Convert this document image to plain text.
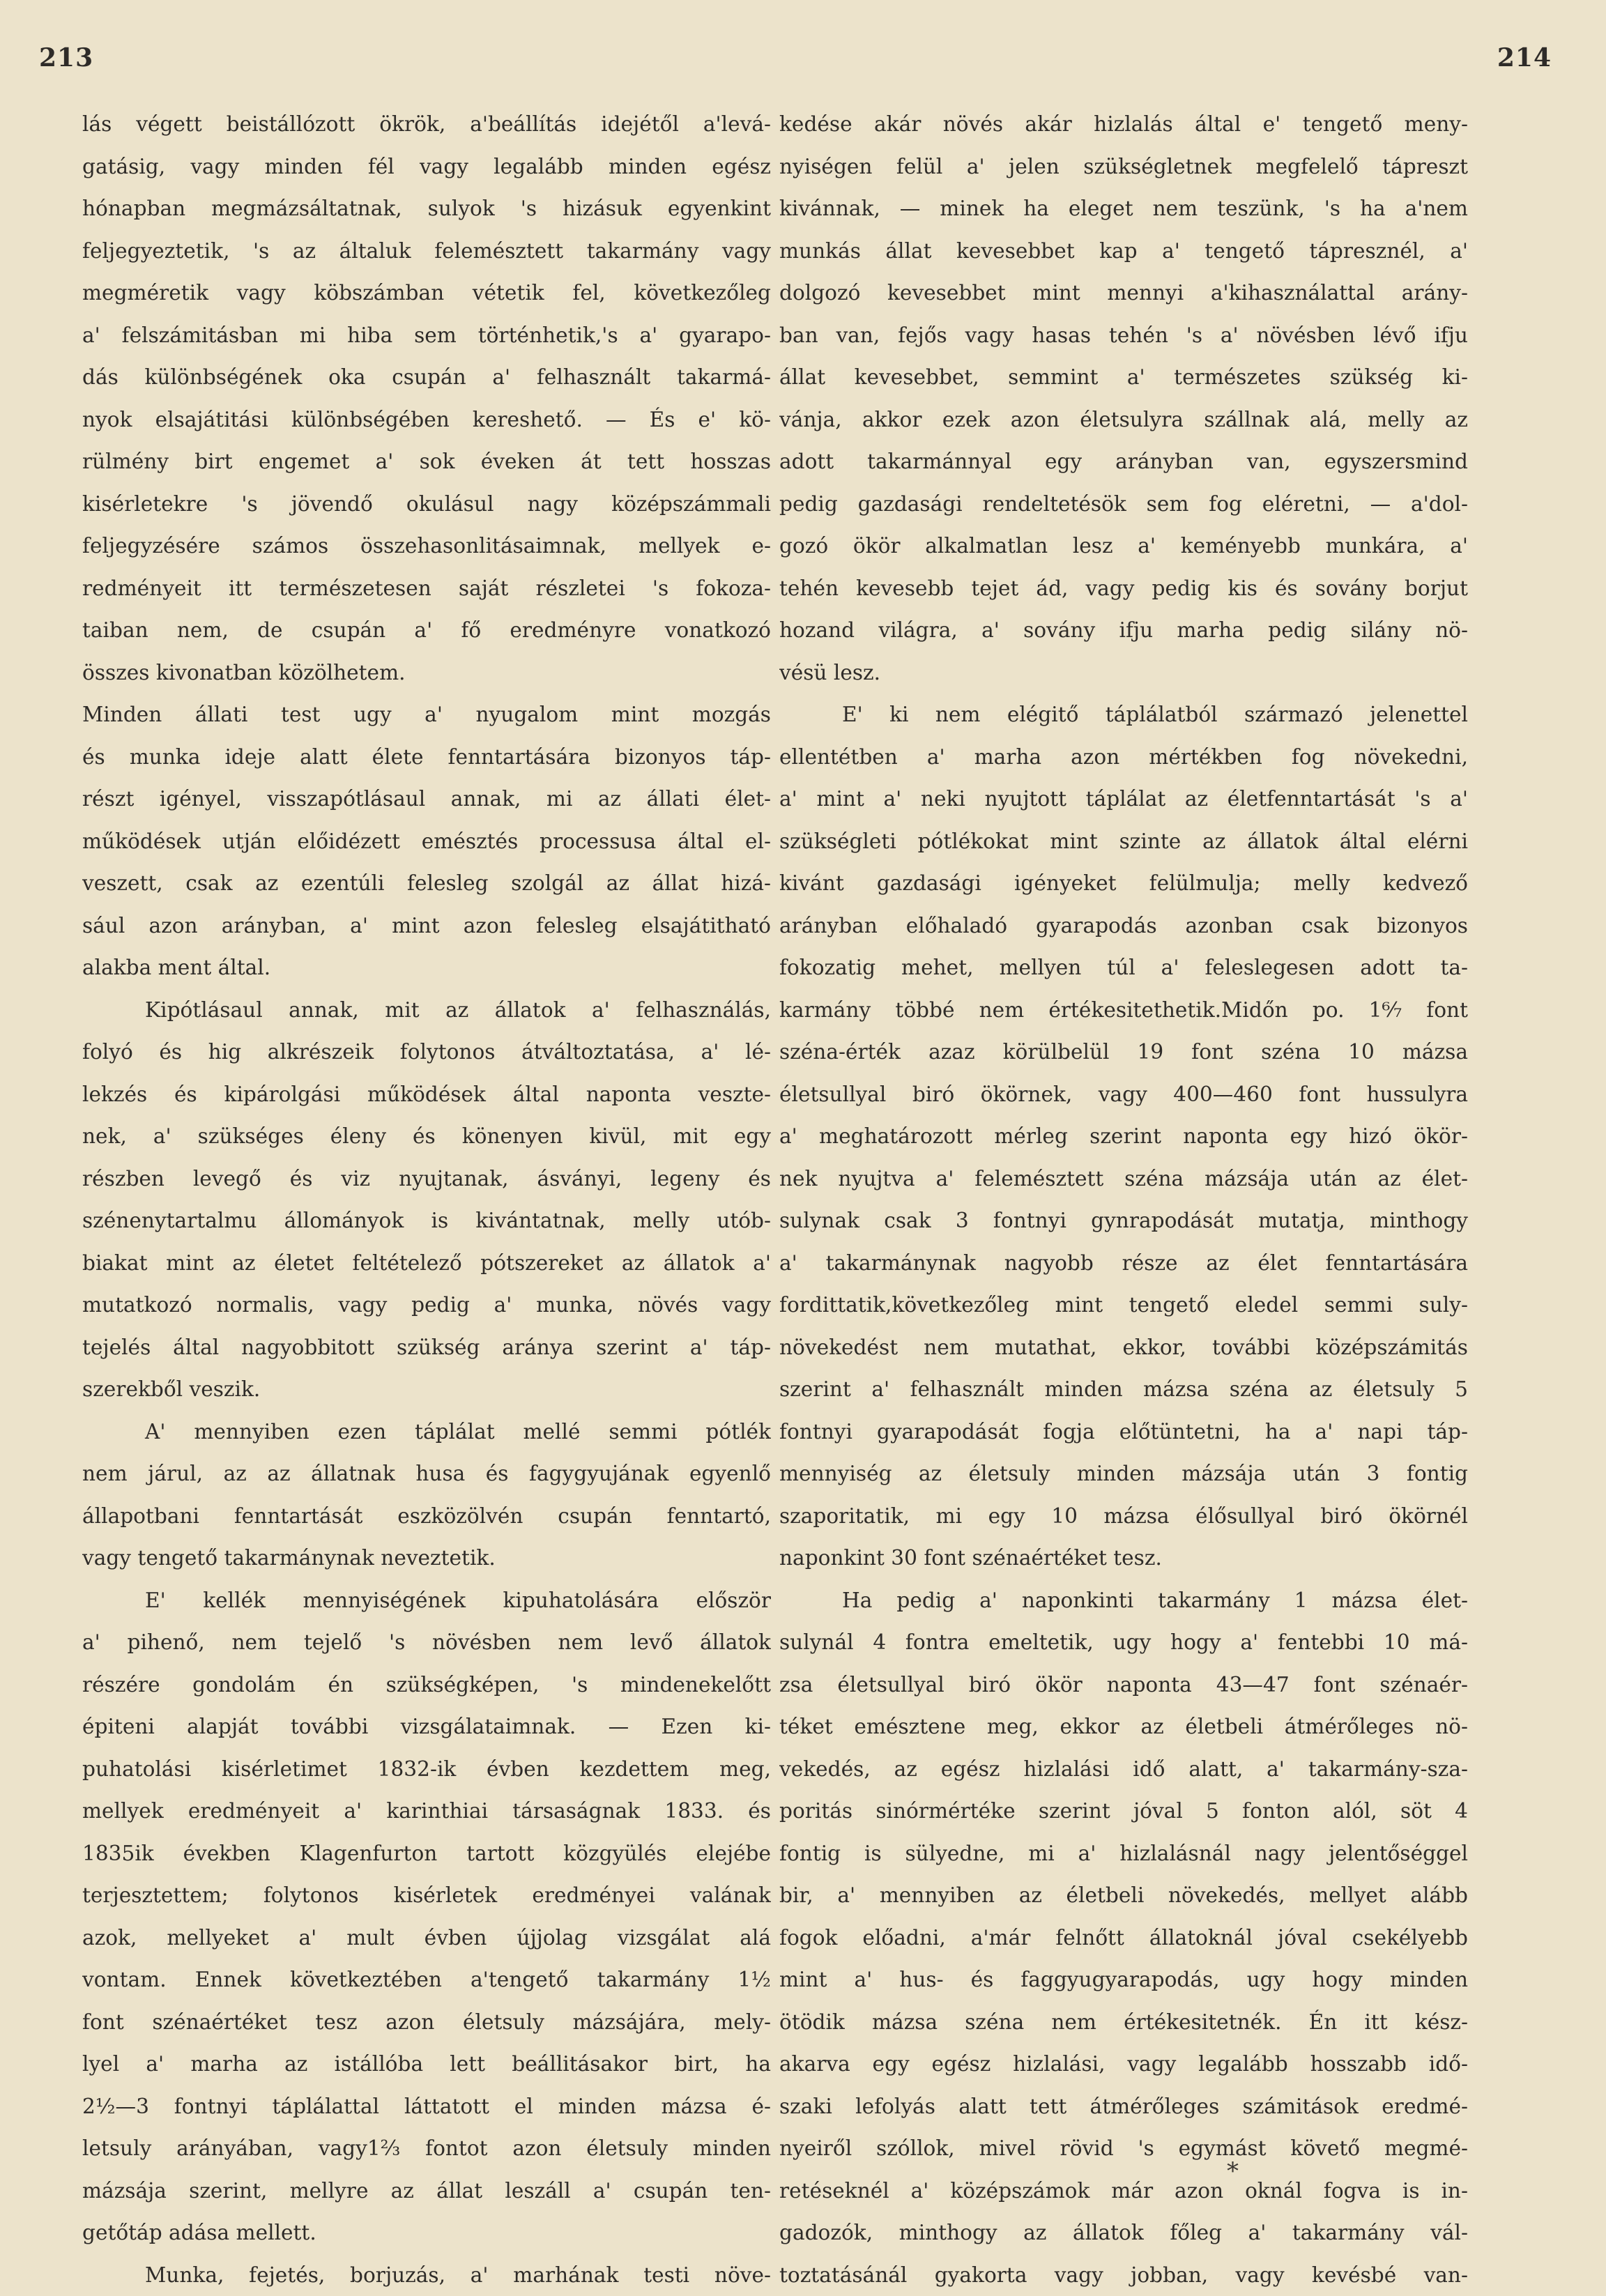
213	214
lás végett beistállózott ökrök, a'beállítás idejétől a'levá-
gatásig, vagy minden fél vagy legalább minden egész
hónapban megmázsáltatnak, sulyok 's hizásuk egyenkint
feljegyeztetik, 's az általuk felemésztett takarmány vagy
megméretik vagy köbszámban vétetik fel, következőleg
a' felszámitásban mi hiba sem történhetik,'s a' gyarapo-
dás különbségének oka csupán a' felhasznált takarmá-
nyok elsajátitási különbségében kereshető. — És e' kö-
rülmény birt engemet a' sok éveken át tett hosszas
kisérletekre 's jövendő okulásul nagy középszámmali
feljegyzésére számos összehasonlitásaimnak, mellyek e-
redményeit itt természetesen saját részletei 's fokoza-
taiban nem, de csupán a' fő eredményre vonatkozó
összes kivonatban közölhetem.
Minden állati test ugy a' nyugalom mint mozgás
és munka ideje alatt élete fenntartására bizonyos táp-
részt igényel, visszapótlásaul annak, mi az állati élet-
működések utján előidézett emésztés processusa által el-
veszett, csak az ezentúli felesleg szolgál az állat hizá-
sául azon arányban, a' mint azon felesleg elsajátitható
alakba ment által.
Kipótlásaul annak, mit az állatok a' felhasználás,
folyó és hig alkrészeik folytonos átváltoztatása, a' lé-
lekzés és kipárolgási működések által naponta veszte-
nek, a' szükséges éleny és könenyen kivül, mit egy
részben levegő és viz nyujtanak, ásványi, legeny és
szénenytartalmu állományok is kivántatnak, melly utób-
biakat mint az életet feltételező pótszereket az állatok a'
mutatkozó normalis, vagy pedig a' munka, növés vagy
tejelés által nagyobbitott szükség aránya szerint a' táp-
szerekből veszik.
A' mennyiben ezen táplálat mellé semmi pótlék
nem járul, az az állatnak husa és fagygyujának egyenlő
állapotbani fenntartását eszközölvén csupán fenntartó,
vagy tengető takarmánynak neveztetik.
E' kellék mennyiségének kipuhatolására először
a' pihenő, nem tejelő 's növésben nem levő állatok
részére gondolám én szükségképen, 's mindenekelőtt
épiteni alapját további vizsgálataimnak. — Ezen ki-
puhatolási kisérletimet 1832-ik évben kezdettem meg,
mellyek eredményeit a' karinthiai társaságnak 1833. és
1835ik években Klagenfurton tartott közgyülés elejébe
terjesztettem; folytonos kisérletek eredményei valának
azok, mellyeket a' mult évben újjolag vizsgálat alá
vontam. Ennek következtében a'tengető takarmány 1½
font szénaértéket tesz azon életsuly mázsájára, mely-
lyel a' marha az istállóba lett beállitásakor birt, ha
2½—3 fontnyi táplálattal láttatott el minden mázsa é-
letsuly arányában, vagy1⅔ fontot azon életsuly minden
mázsája szerint, mellyre az állat leszáll a' csupán ten-
getőtáp adása mellett.
Munka, fejetés, borjuzás, a' marhának testi növe-
kedése akár növés akár hizlalás által e' tengető meny-
nyiségen felül a' jelen szükségletnek megfelelő tápreszt
kivánnak, — minek ha eleget nem teszünk, 's ha a'nem
munkás állat kevesebbet kap a' tengető tápresznél, a'
dolgozó kevesebbet mint mennyi a'kihasználattal arány-
ban van, fejős vagy hasas tehén 's a' növésben lévő ifju
állat kevesebbet, semmint a' természetes szükség ki-
vánja, akkor ezek azon életsulyra szállnak alá, melly az
adott takarmánnyal egy arányban van, egyszersmind
pedig gazdasági rendeltetésök sem fog eléretni, — a'dol-
gozó ökör alkalmatlan lesz a' keményebb munkára, a'
tehén kevesebb tejet ád, vagy pedig kis és sovány borjut
hozand világra, a' sovány ifju marha pedig silány nö-
vésü lesz.
E' ki nem elégitő táplálatból származó jelenettel
ellentétben a' marha azon mértékben fog növekedni,
a' mint a' neki nyujtott táplálat az életfenntartását 's a'
szükségleti pótlékokat mint szinte az állatok által elérni
kivánt gazdasági igényeket felülmulja; melly kedvező
arányban előhaladó gyarapodás azonban csak bizonyos
fokozatig mehet, mellyen túl a' feleslegesen adott ta-
karmány többé nem értékesitethetik.Midőn po. 1⁶⁄₇ font
széna-érték azaz körülbelül 19 font széna 10 mázsa
életsullyal biró ökörnek, vagy 400—460 font hussulyra
a' meghatározott mérleg szerint naponta egy hizó ökör-
nek nyujtva a' felemésztett széna mázsája után az élet-
sulynak csak 3 fontnyi gynrapodását mutatja, minthogy
a' takarmánynak nagyobb része az élet fenntartására
fordittatik,következőleg mint tengető eledel semmi suly-
növekedést nem mutathat, ekkor, további középszámitás
szerint a' felhasznált minden mázsa széna az életsuly 5
fontnyi gyarapodását fogja előtüntetni, ha a' napi táp-
mennyiség az életsuly minden mázsája után 3 fontig
szaporitatik, mi egy 10 mázsa élősullyal biró ökörnél
naponkint 30 font szénaértéket tesz.
Ha pedig a' naponkinti takarmány 1 mázsa élet-
sulynál 4 fontra emeltetik, ugy hogy a' fentebbi 10 má-
zsa életsullyal biró ökör naponta 43—47 font szénaér-
téket emésztene meg, ekkor az életbeli átmérőleges nö-
vekedés, az egész hizlalási idő alatt, a' takarmány-sza-
poritás sinórmértéke szerint jóval 5 fonton alól, söt 4
fontig is sülyedne, mi a' hizlalásnál nagy jelentőséggel
bir, a' mennyiben az életbeli növekedés, mellyet alább
fogok előadni, a'már felnőtt állatoknál jóval csekélyebb
mint a' hus- és faggyugyarapodás, ugy hogy minden
ötödik mázsa széna nem értékesitetnék. Én itt kész-
akarva egy egész hizlalási, vagy legalább hosszabb idő-
szaki lefolyás alatt tett átmérőleges számitások eredmé-
nyeiről szóllok, mivel rövid 's egymást követő megmé-
retéseknél a' középszámok már azon oknál fogva is in-
gadozók, minthogy az állatok főleg a' takarmány vál-
toztatásánál gyakorta vagy jobban, vagy kevésbé van-
*
